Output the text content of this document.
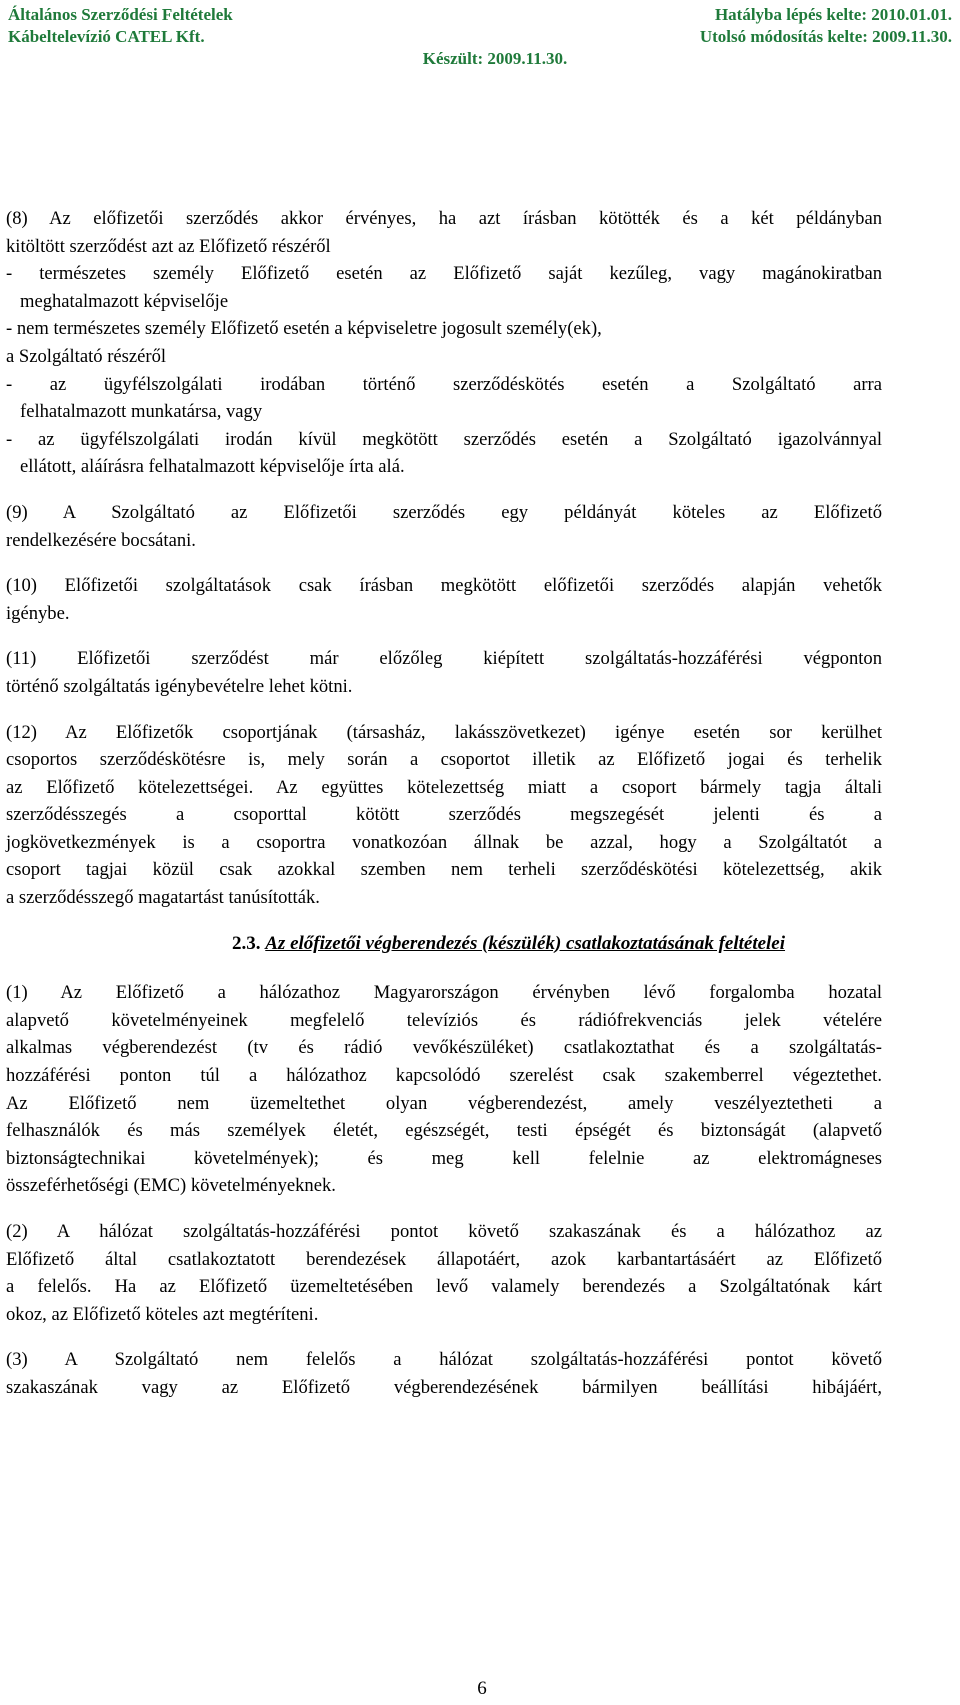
Általános Szerződési Feltételek	Hatályba lépés kelte: 2010.01.01.
Kábeltelevízió CATEL Kft.	Utolsó módosítás kelte: 2009.11.30.
Készült: 2009.11.30.
(8) Az előfizetői szerződés akkor érvényes, ha azt írásban kötötték és a két példányban
kitöltött szerződést azt az Előfizető részéről
- természetes személy Előfizető esetén az Előfizető saját kezűleg, vagy magánokiratban
meghatalmazott képviselője
- nem természetes személy Előfizető esetén a képviseletre jogosult személy(ek),
a Szolgáltató részéről
- az ügyfélszolgálati irodában történő szerződéskötés esetén a Szolgáltató arra
felhatalmazott munkatársa, vagy
- az ügyfélszolgálati irodán kívül megkötött szerződés esetén a Szolgáltató igazolvánnyal
ellátott, aláírásra felhatalmazott képviselője írta alá.
(9) A Szolgáltató az Előfizetői szerződés egy példányát köteles az Előfizető
rendelkezésére bocsátani.
(10) Előfizetői szolgáltatások csak írásban megkötött előfizetői szerződés alapján vehetők
igénybe.
(11) Előfizetői szerződést már előzőleg kiépített szolgáltatás-hozzáférési végponton
történő szolgáltatás igénybevételre lehet kötni.
(12) Az Előfizetők csoportjának (társasház, lakásszövetkezet) igénye esetén sor kerülhet
csoportos szerződéskötésre is, mely során a csoportot illetik az Előfizető jogai és terhelik
az Előfizető kötelezettségei. Az együttes kötelezettség miatt a csoport bármely tagja általi
szerződésszegés a csoporttal kötött szerződés megszegését jelenti és a
jogkövetkezmények is a csoportra vonatkozóan állnak be azzal, hogy a Szolgáltatót a
csoport tagjai közül csak azokkal szemben nem terheli szerződéskötési kötelezettség, akik
a szerződésszegő magatartást tanúsították.
2.3. Az előfizetői végberendezés (készülék) csatlakoztatásának feltételei
(1) Az Előfizető a hálózathoz Magyarországon érvényben lévő forgalomba hozatal
alapvető követelményeinek megfelelő televíziós és rádiófrekvenciás jelek vételére
alkalmas végberendezést (tv és rádió vevőkészüléket) csatlakoztathat és a szolgáltatás-
hozzáférési ponton túl a hálózathoz kapcsolódó szerelést csak szakemberrel végeztethet.
Az Előfizető nem üzemeltethet olyan végberendezést, amely veszélyeztetheti a
felhasználók és más személyek életét, egészségét, testi épségét és biztonságát (alapvető
biztonságtechnikai követelmények); és meg kell felelnie az elektromágneses
összeférhetőségi (EMC) követelményeknek.
(2) A hálózat szolgáltatás-hozzáférési pontot követő szakaszának és a hálózathoz az
Előfizető által csatlakoztatott berendezések állapotáért, azok karbantartásáért az Előfizető
a felelős. Ha az Előfizető üzemeltetésében levő valamely berendezés a Szolgáltatónak kárt
okoz, az Előfizető köteles azt megtéríteni.
(3) A Szolgáltató nem felelős a hálózat szolgáltatás-hozzáférési pontot követő
szakaszának vagy az Előfizető végberendezésének bármilyen beállítási hibájáért,
6
